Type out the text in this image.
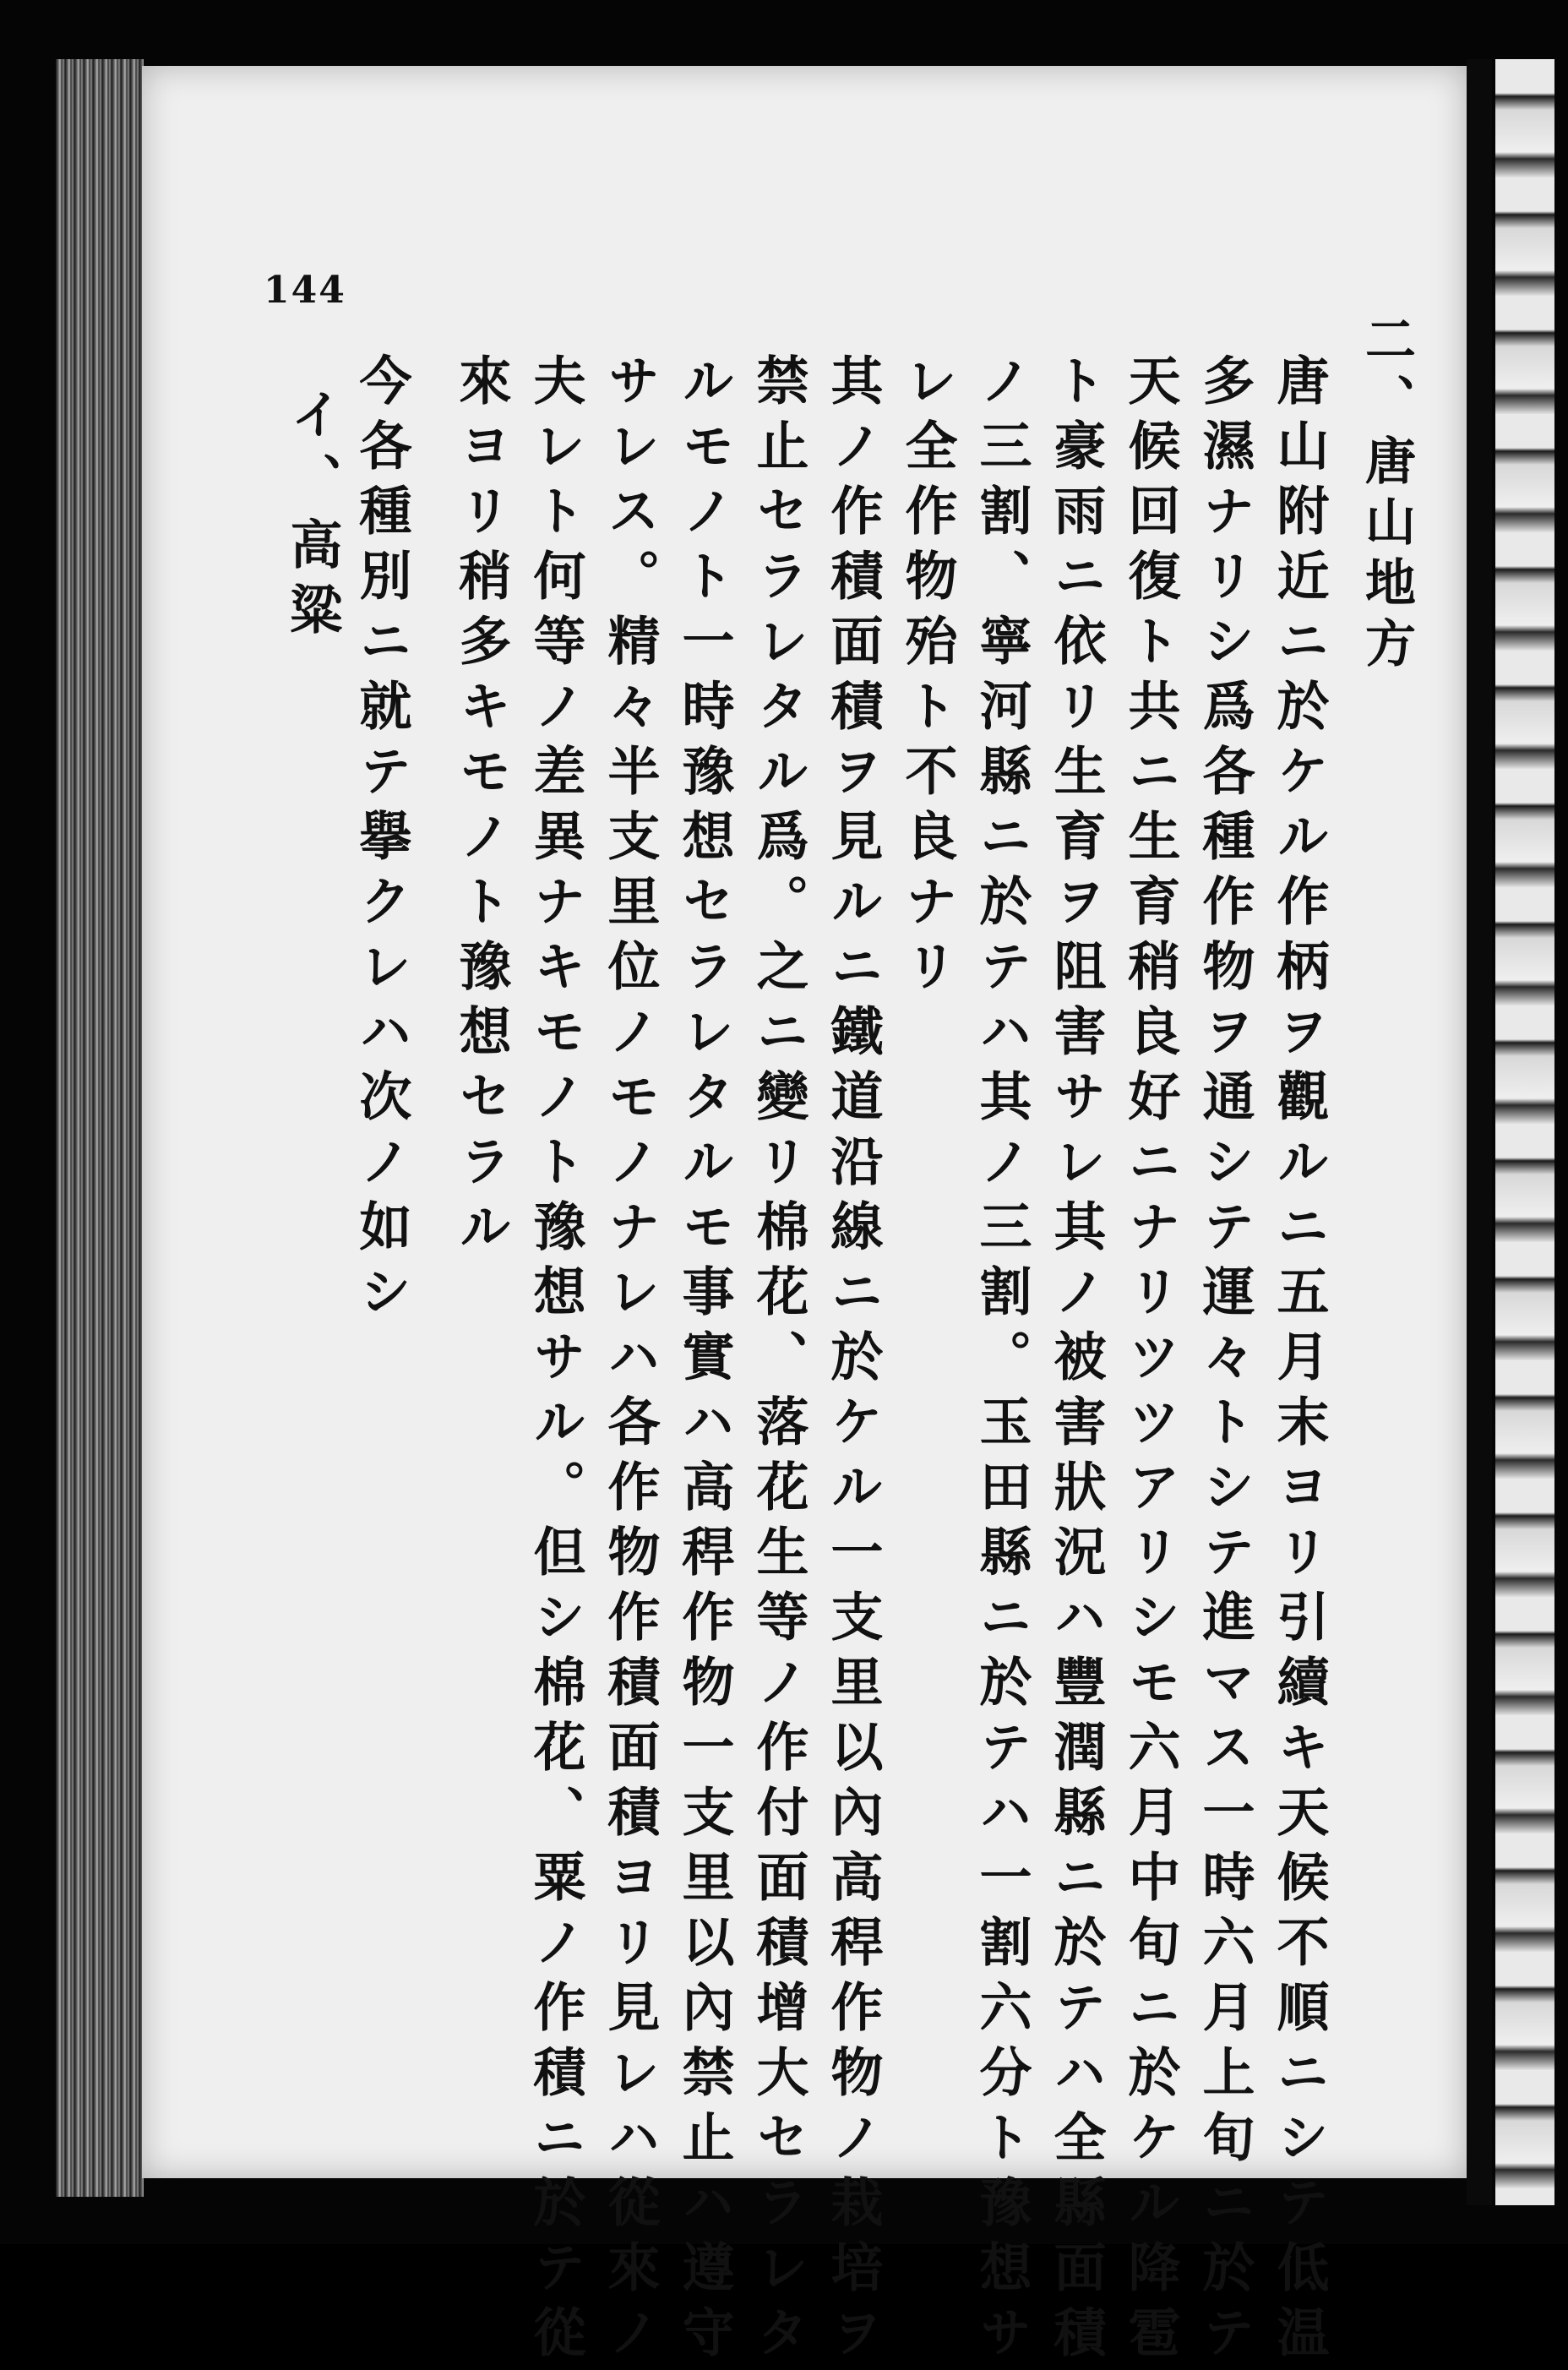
二、唐山地方
唐山附近ニ於ケル作柄ヲ觀ルニ五月末ヨリ引續キ天候不順ニシテ低温
多濕ナリシ爲各種作物ヲ通シテ運々トシテ進マス一時六月上旬ニ於テ
天候回復ト共ニ生育稍良好ニナリツツアリシモ六月中旬ニ於ケル降雹
ト豪雨ニ依リ生育ヲ阻害サレ其ノ被害狀況ハ豐潤縣ニ於テハ全縣面積
ノ三割、寧河縣ニ於テハ其ノ三割。玉田縣ニ於テハ一割六分ト豫想サ
レ全作物殆ト不良ナリ
其ノ作積面積ヲ見ルニ鐵道沿線ニ於ケル一支里以內高稈作物ノ栽培ヲ
禁止セラレタル爲。之ニ變リ棉花、落花生等ノ作付面積增大セラレタ
ルモノト一時豫想セラレタルモ事實ハ高稈作物一支里以內禁止ハ遵守
サレス。精々半支里位ノモノナレハ各作物作積面積ヨリ見レハ從來ノ
夫レト何等ノ差異ナキモノト豫想サル。但シ棉花、粟ノ作積ニ於テ從
來ヨリ稍多キモノト豫想セラル
今各種別ニ就テ擧クレハ次ノ如シ
イ、高粱
144
